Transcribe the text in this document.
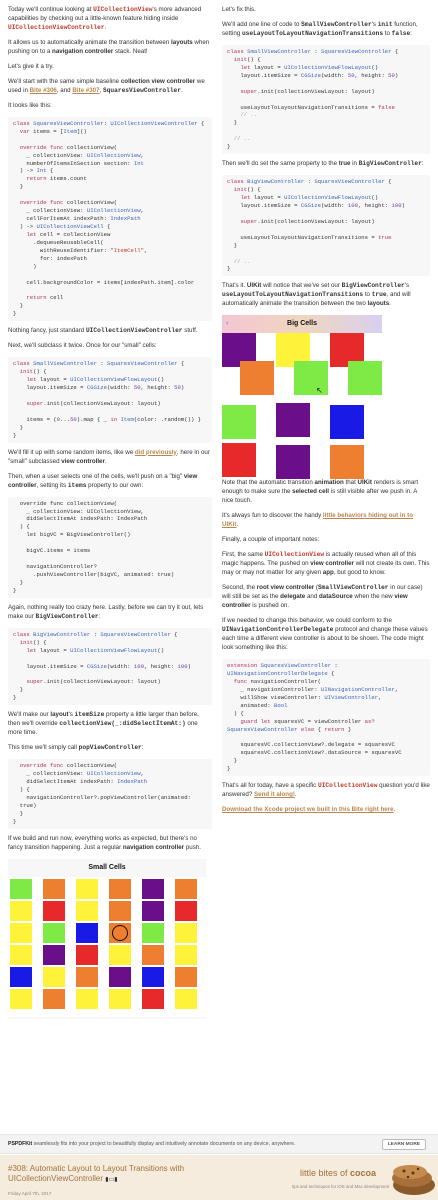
Today we'll continue looking at UICollectionView's more advanced capabilities by checking out a little-known feature hiding inside UICollectionViewController.

It allows us to automatically animate the transition between layouts when pushing on to a navigation controller stack. Neat!

Let's give it a try.

We'll start with the same simple baseline collection view controller we used in Bite #306, and Bite #307, SquaresViewController.

It looks like this:

class SquaresViewController: UICollectionViewController {
var items = [Item]()

override func collectionView(
_ collectionView: UICollectionView,
numberOfItemsInSection section: Int
) -> Int {
return items.count
}

override func collectionView(
_ collectionView: UICollectionView,
cellForItemAt indexPath: IndexPath
) -> UICollectionViewCell {
let cell = collectionView
.dequeueReusableCell(
withReuseIdentifier: "ItemCell",
for: indexPath
)

cell.backgroundColor = items[indexPath.item].color

return cell
}
}

Nothing fancy, just standard UICollectionViewController stuff.

Next, we'll subclass it twice. Once for our "small" cells:

class SmallViewController : SquaresViewController {
init() {
let layout = UICollectionViewFlowLayout()
layout.itemSize = CGSize(width: 50, height: 50)

super.init(collectionViewLayout: layout)

items = (0...50).map { _ in Item(color: .random()) }
}
}

We'll fill it up with some random items, like we did previously, here in our "small" subclassed view controller.

Then, when a user selects one of the cells, we'll push on a "big" view controller, setting its items property to our own:

override func collectionView(
_ collectionView: UICollectionView,
didSelectItemAt indexPath: IndexPath
) {
let bigVC = BigViewController()

bigVC.items = items

navigationController?
.pushViewController(bigVC, animated: true)
}
}

Again, nothing really too crazy here. Lastly, before we can try it out, lets make our BigViewController:

class BigViewController : SquaresViewController {
init() {
let layout = UICollectionViewFlowLayout()

layout.itemSize = CGSize(width: 100, height: 100)

super.init(collectionViewLayout: layout)
}
}

We'll make our layout's itemSize property a little larger than before, then we'll override collectionView(_:didSelectItemAt:) one more time.

This time we'll simply call popViewController:

override func collectionView(
_ collectionView: UICollectionView,
didSelectItemAt indexPath: IndexPath
) {
navigationController?.popViewController(animated:
true)
}
}

If we build and run now, everything works as expected, but there's no fancy transition happening. Just a regular navigation controller push.

Small Cells

Let's fix this.

We'll add one line of code to SmallViewController's init function, setting useLayoutToLayoutNavigationTransitions to false:

class SmallViewController : SquaresViewController {
init() {
let layout = UICollectionViewFlowLayout()
layout.itemSize = CGSize(width: 50, height: 50)

super.init(collectionViewLayout: layout)

useLayoutToLayoutNavigationTransitions = false
// ..
}

// ..
}

Then we'll do set the same property to the true in BigViewController:

class BigViewController : SquaresViewController {
init() {
let layout = UICollectionViewFlowLayout()
layout.itemSize = CGSize(width: 100, height: 100)

super.init(collectionViewLayout: layout)

useLayoutToLayoutNavigationTransitions = true
}

// ..
}

That's it. UIKit will notice that we've set our BigViewController's useLayoutToLayoutNavigationTransitions to true, and will automatically animate the transition between the two layouts.

‹	Big Cells
↖

Note that the automatic transition animation that UIKit renders is smart enough to make sure the selected cell is still visible after we push in. A nice touch.

It's always fun to discover the handy little behaviors hiding out in to UIKit.

Finally, a couple of important notes:

First, the same UICollectionView is actually reused when all of this magic happens. The pushed on view controller will not create its own. This may or may not matter for any given app, but good to know.

Second, the root view controller (SmallViewController in our case) will still be set as the delegate and dataSource when the new view controller is pushed on.

If we needed to change this behavior, we could conform to the UINavigationControllerDelegate protocol and change these values each time a different view controller is about to be shown. The code might look something like this:

extension SquaresViewController :
UINavigationControllerDelegate {
func navigationController(
_ navigationController: UINavigationController,
willShow viewController: UIViewController,
animated: Bool
) {
guard let squaresVC = viewController as?
SquaresViewController else { return }

squaresVC.collectionView?.delegate = squaresVC
squaresVC.collectionView?.dataSource = squaresVC
}
}

That's all for today, have a specific UICollectionView question you'd like answered? Send it along!.

Download the Xcode project we built in this Bite right here.

PSPDFKit seamlessly fits into your project to beautifully display and intuitively annotate documents on any device, anywhere.	LEARN MORE
#308: Automatic Layout to Layout Transitions with UICollectionViewController ▮▭▮
Friday April 7th, 2017
little bites of cocoa
tips and techniques for iOS and Mac development
